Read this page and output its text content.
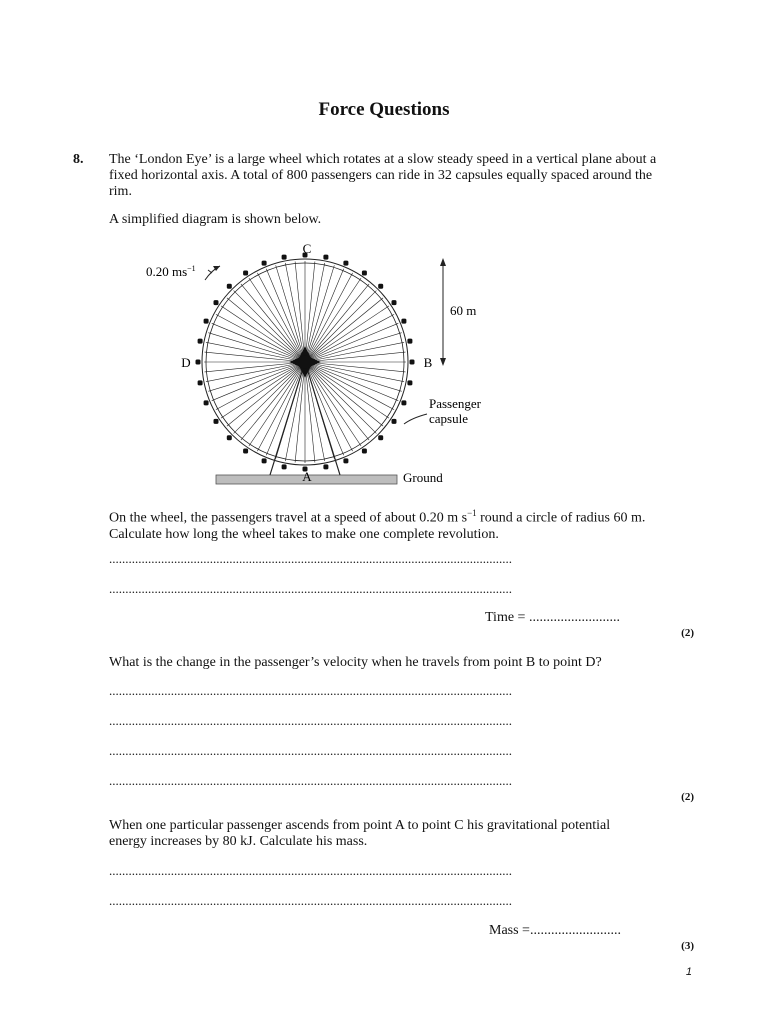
Force Questions
8. The ‘London Eye’ is a large wheel which rotates at a slow steady speed in a vertical plane about a fixed horizontal axis. A total of 800 passengers can ride in 32 capsules equally spaced around the rim.
A simplified diagram is shown below.
C
B
D
A
0.20 $ms^{-1}$
60 m
Passenger
capsule
Ground
On the wheel, the passengers travel at a speed of about 0.20 m $s^{-1}$ round a circle of radius 60 m.
Calculate how long the wheel takes to make one complete revolution.
............................................................................................................................
............................................................................................................................
Time = ..........................
(2)
What is the change in the passenger’s velocity when he travels from point B to point D?
............................................................................................................................
............................................................................................................................
............................................................................................................................
............................................................................................................................
(2)
When one particular passenger ascends from point A to point C his gravitational potential energy increases by 80 kJ. Calculate his mass.
............................................................................................................................
............................................................................................................................
Mass =..........................
(3)
1
